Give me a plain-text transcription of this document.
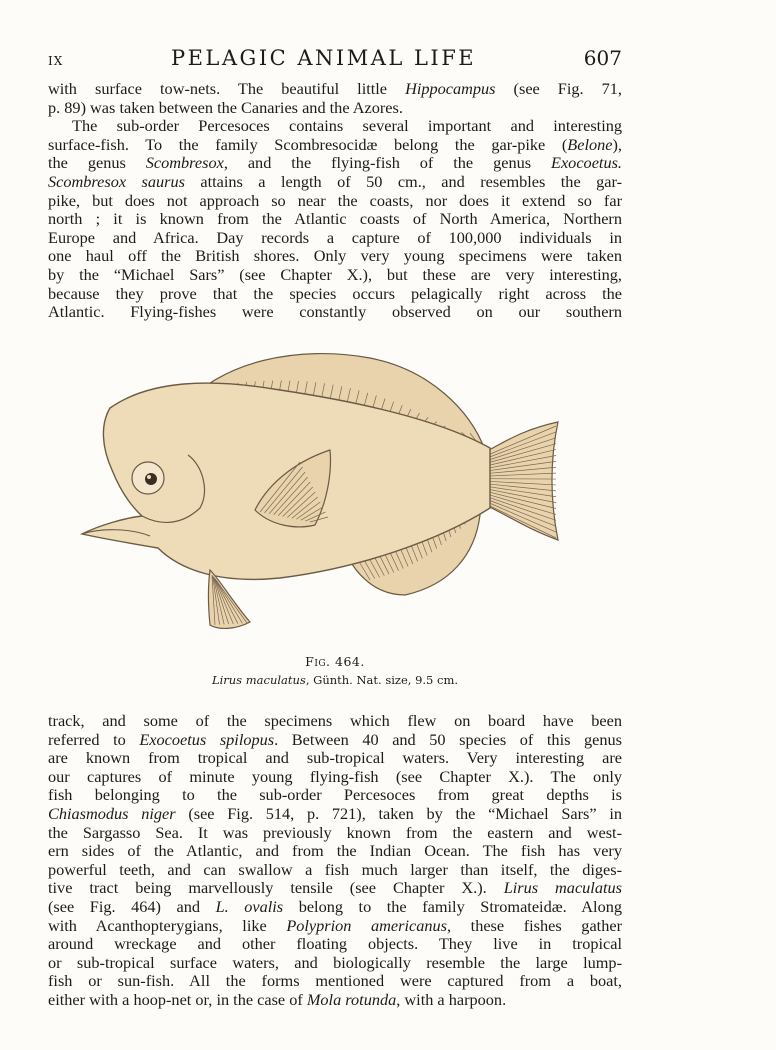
IX	PELAGIC ANIMAL LIFE	607
with surface tow-nets. The beautiful little Hippocampus (see Fig. 71,
p. 89) was taken between the Canaries and the Azores.
The sub-order Percesoces contains several important and interesting
surface-fish. To the family Scombresocidæ belong the gar-pike (Belone),
the genus Scombresox, and the flying-fish of the genus Exocoetus.
Scombresox saurus attains a length of 50 cm., and resembles the gar-
pike, but does not approach so near the coasts, nor does it extend so far
north ; it is known from the Atlantic coasts of North America, Northern
Europe and Africa. Day records a capture of 100,000 individuals in
one haul off the British shores. Only very young specimens were taken
by the “Michael Sars” (see Chapter X.), but these are very interesting,
because they prove that the species occurs pelagically right across the
Atlantic. Flying-fishes were constantly observed on our southern
Fig. 464.
Lirus maculatus, Günth. Nat. size, 9.5 cm.
track, and some of the specimens which flew on board have been
referred to Exocoetus spilopus. Between 40 and 50 species of this genus
are known from tropical and sub-tropical waters. Very interesting are
our captures of minute young flying-fish (see Chapter X.). The only
fish belonging to the sub-order Percesoces from great depths is
Chiasmodus niger (see Fig. 514, p. 721), taken by the “Michael Sars” in
the Sargasso Sea. It was previously known from the eastern and west-
ern sides of the Atlantic, and from the Indian Ocean. The fish has very
powerful teeth, and can swallow a fish much larger than itself, the diges-
tive tract being marvellously tensile (see Chapter X.). Lirus maculatus
(see Fig. 464) and L. ovalis belong to the family Stromateidæ. Along
with Acanthopterygians, like Polyprion americanus, these fishes gather
around wreckage and other floating objects. They live in tropical
or sub-tropical surface waters, and biologically resemble the large lump-
fish or sun-fish. All the forms mentioned were captured from a boat,
either with a hoop-net or, in the case of Mola rotunda, with a harpoon.
